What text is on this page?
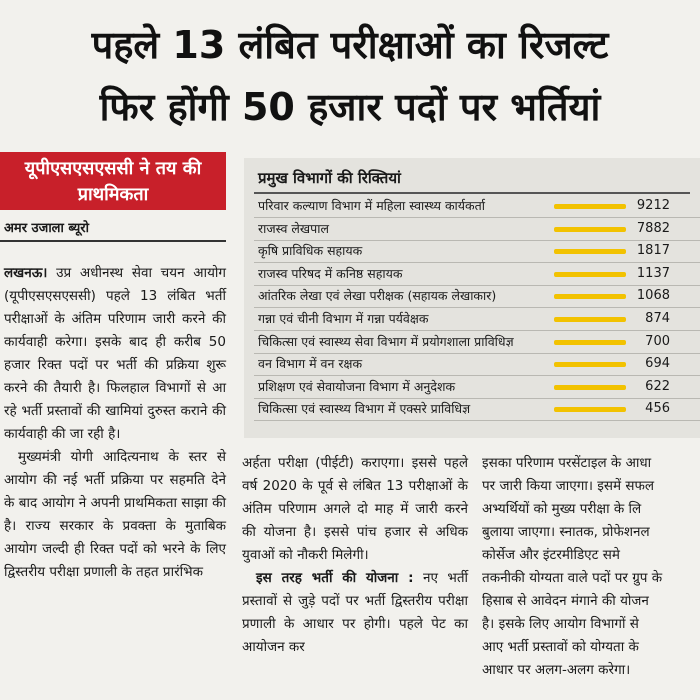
पहले 13 लंबित परीक्षाओं का रिजल्ट
फिर होंगी 50 हजार पदों पर भर्तियां
यूपीएसएसएससी ने तय की प्राथमिकता
अमर उजाला ब्यूरो

लखनऊ। उप्र अधीनस्थ सेवा चयन आयोग (यूपीएसएसएससी) पहले 13 लंबित भर्ती परीक्षाओं के अंतिम परिणाम जारी करने की कार्यवाही करेगा। इसके बाद ही करीब 50 हजार रिक्त पदों पर भर्ती की प्रक्रिया शुरू करने की तैयारी है। फिलहाल विभागों से आ रहे भर्ती प्रस्तावों की खामियां दुरुस्त कराने की कार्यवाही की जा रही है।

मुख्यमंत्री योगी आदित्यनाथ के स्तर से आयोग की नई भर्ती प्रक्रिया पर सहमति देने के बाद आयोग ने अपनी प्राथमिकता साझा की है। राज्य सरकार के प्रवक्ता के मुताबिक आयोग जल्दी ही रिक्त पदों को भरने के लिए द्विस्तरीय परीक्षा प्रणाली के तहत प्रारंभिक

प्रमुख विभागों की रिक्तियां
परिवार कल्याण विभाग में महिला स्वास्थ्य कार्यकर्ता	9212
राजस्व लेखपाल	7882
कृषि प्राविधिक सहायक	1817
राजस्व परिषद में कनिष्ठ सहायक	1137
आंतरिक लेखा एवं लेखा परीक्षक (सहायक लेखाकार)	1068
गन्ना एवं चीनी विभाग में गन्ना पर्यवेक्षक	874
चिकित्सा एवं स्वास्थ्य सेवा विभाग में प्रयोगशाला प्राविधिज्ञ	700
वन विभाग में वन रक्षक	694
प्रशिक्षण एवं सेवायोजना विभाग में अनुदेशक	622
चिकित्सा एवं स्वास्थ्य विभाग में एक्सरे प्राविधिज्ञ	456

अर्हता परीक्षा (पीईटी) कराएगा। इससे पहले वर्ष 2020 के पूर्व से लंबित 13 परीक्षाओं के अंतिम परिणाम अगले दो माह में जारी करने की योजना है। इससे पांच हजार से अधिक युवाओं को नौकरी मिलेगी।

इस तरह भर्ती की योजना : नए भर्ती प्रस्तावों से जुड़े पदों पर भर्ती द्विस्तरीय परीक्षा प्रणाली के आधार पर होगी। पहले पेट का आयोजन कर

इसका परिणाम परसेंटाइल के आधा
पर जारी किया जाएगा। इसमें सफल
अभ्यर्थियों को मुख्य परीक्षा के लि
बुलाया जाएगा। स्नातक, प्रोफेशनल
कोर्सेज और इंटरमीडिएट समे
तकनीकी योग्यता वाले पदों पर ग्रुप के
हिसाब से आवेदन मंगाने की योजन
है। इसके लिए आयोग विभागों से
आए भर्ती प्रस्तावों को योग्यता के
आधार पर अलग-अलग करेगा।
